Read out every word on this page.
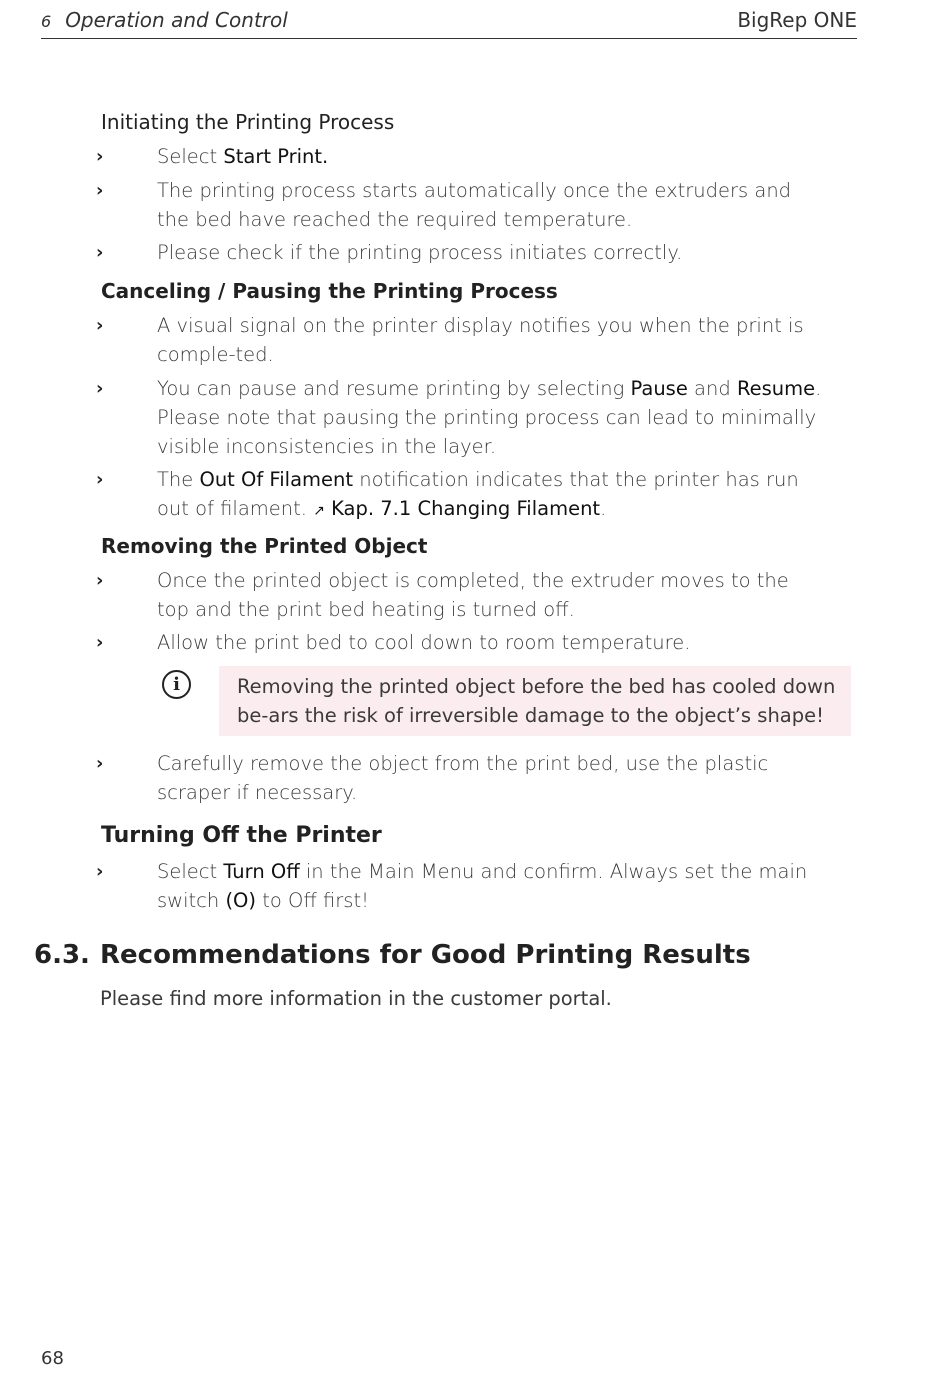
6 Operation and Control	BigRep ONE
Initiating the Printing Process
›	Select Start Print.
›	The printing process starts automatically once the extruders and the bed have reached the required temperature.
›	Please check if the printing process initiates correctly.
Canceling / Pausing the Printing Process
›	A visual signal on the printer display notifies you when the print is comple-ted.
›	You can pause and resume printing by selecting Pause and Resume. Please note that pausing the printing process can lead to minimally visible inconsistencies in the layer.
›	The Out Of Filament notification indicates that the printer has run out of filament. ↗ Kap. 7.1 Changing Filament.
Removing the Printed Object
›	Once the printed object is completed, the extruder moves to the top and the print bed heating is turned off.
›	Allow the print bed to cool down to room temperature.
i	Removing the printed object before the bed has cooled down be-ars the risk of irreversible damage to the object’s shape!
›	Carefully remove the object from the print bed, use the plastic scraper if necessary.
Turning Off the Printer
›	Select Turn Off in the Main Menu and confirm. Always set the main switch (O) to Off first!
6.3. Recommendations for Good Printing Results
Please find more information in the customer portal.
68
